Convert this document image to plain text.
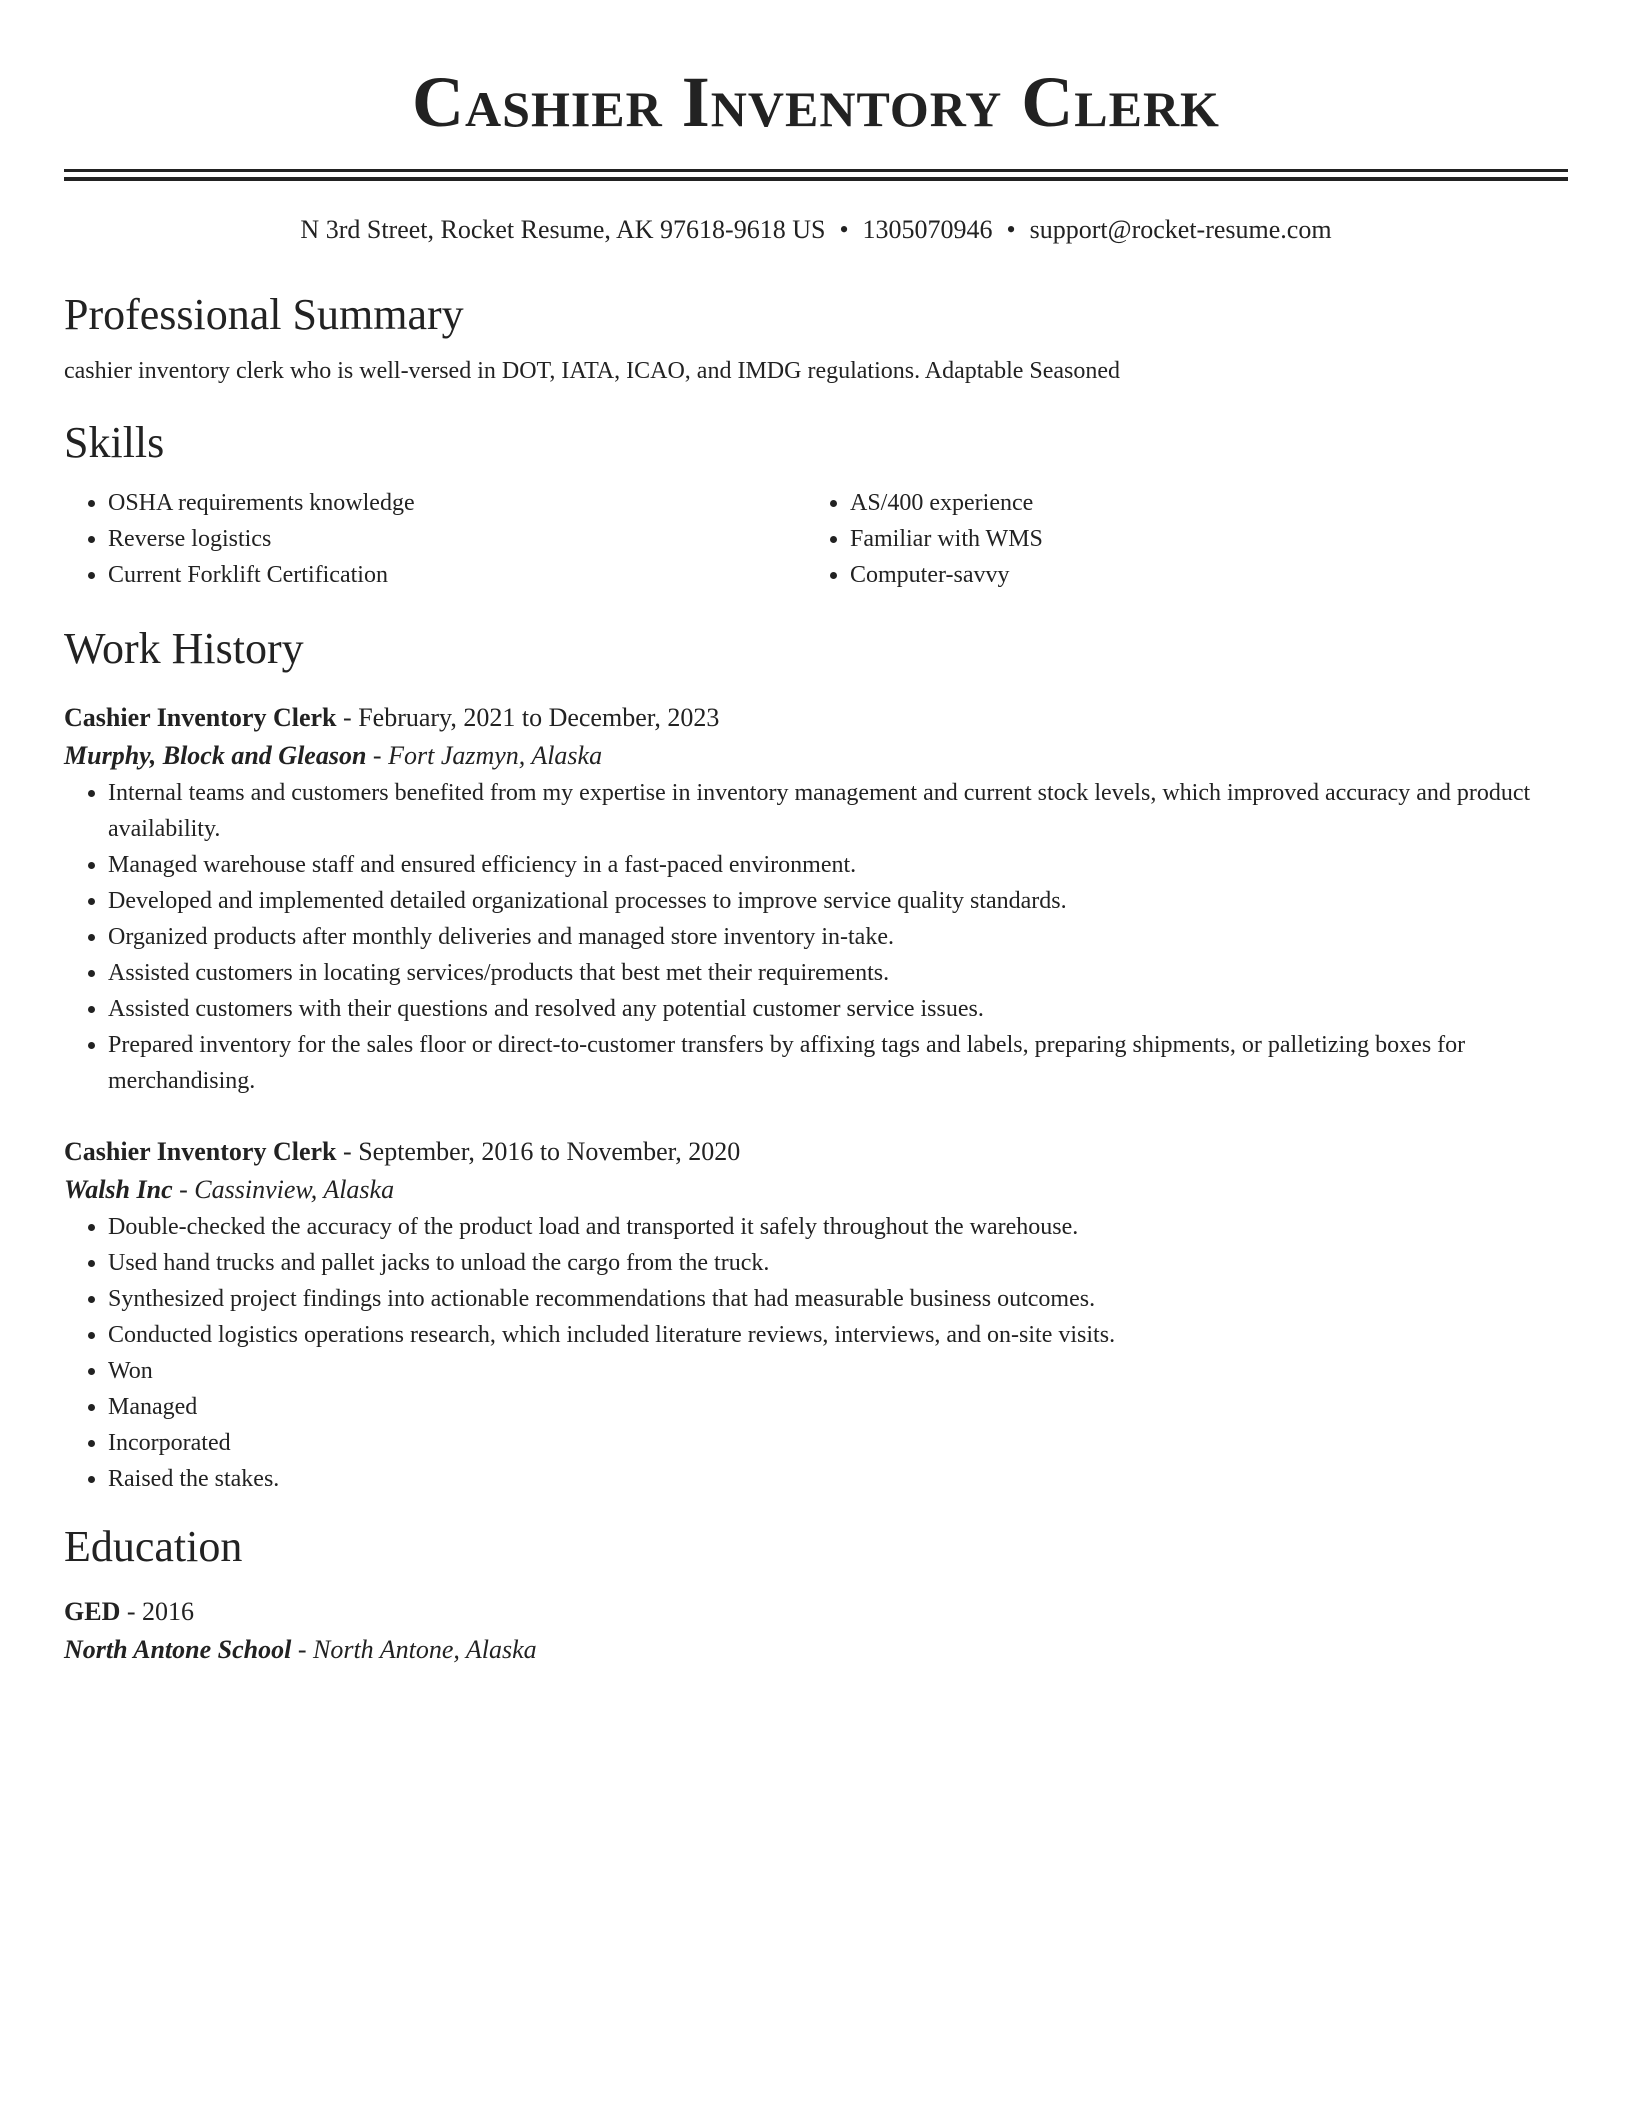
Cashier Inventory Clerk
N 3rd Street, Rocket Resume, AK 97618-9618 US • 1305070946 • support@rocket-resume.com
Professional Summary
cashier inventory clerk who is well-versed in DOT, IATA, ICAO, and IMDG regulations. Adaptable Seasoned
Skills
• OSHA requirements knowledge
• Reverse logistics
• Current Forklift Certification
• AS/400 experience
• Familiar with WMS
• Computer-savvy
Work History
Cashier Inventory Clerk - February, 2021 to December, 2023
Murphy, Block and Gleason - Fort Jazmyn, Alaska
• Internal teams and customers benefited from my expertise in inventory management and current stock levels, which improved accuracy and product availability.
• Managed warehouse staff and ensured efficiency in a fast-paced environment.
• Developed and implemented detailed organizational processes to improve service quality standards.
• Organized products after monthly deliveries and managed store inventory in-take.
• Assisted customers in locating services/products that best met their requirements.
• Assisted customers with their questions and resolved any potential customer service issues.
• Prepared inventory for the sales floor or direct-to-customer transfers by affixing tags and labels, preparing shipments, or palletizing boxes for merchandising.
Cashier Inventory Clerk - September, 2016 to November, 2020
Walsh Inc - Cassinview, Alaska
• Double-checked the accuracy of the product load and transported it safely throughout the warehouse.
• Used hand trucks and pallet jacks to unload the cargo from the truck.
• Synthesized project findings into actionable recommendations that had measurable business outcomes.
• Conducted logistics operations research, which included literature reviews, interviews, and on-site visits.
• Won
• Managed
• Incorporated
• Raised the stakes.
Education
GED - 2016
North Antone School - North Antone, Alaska
